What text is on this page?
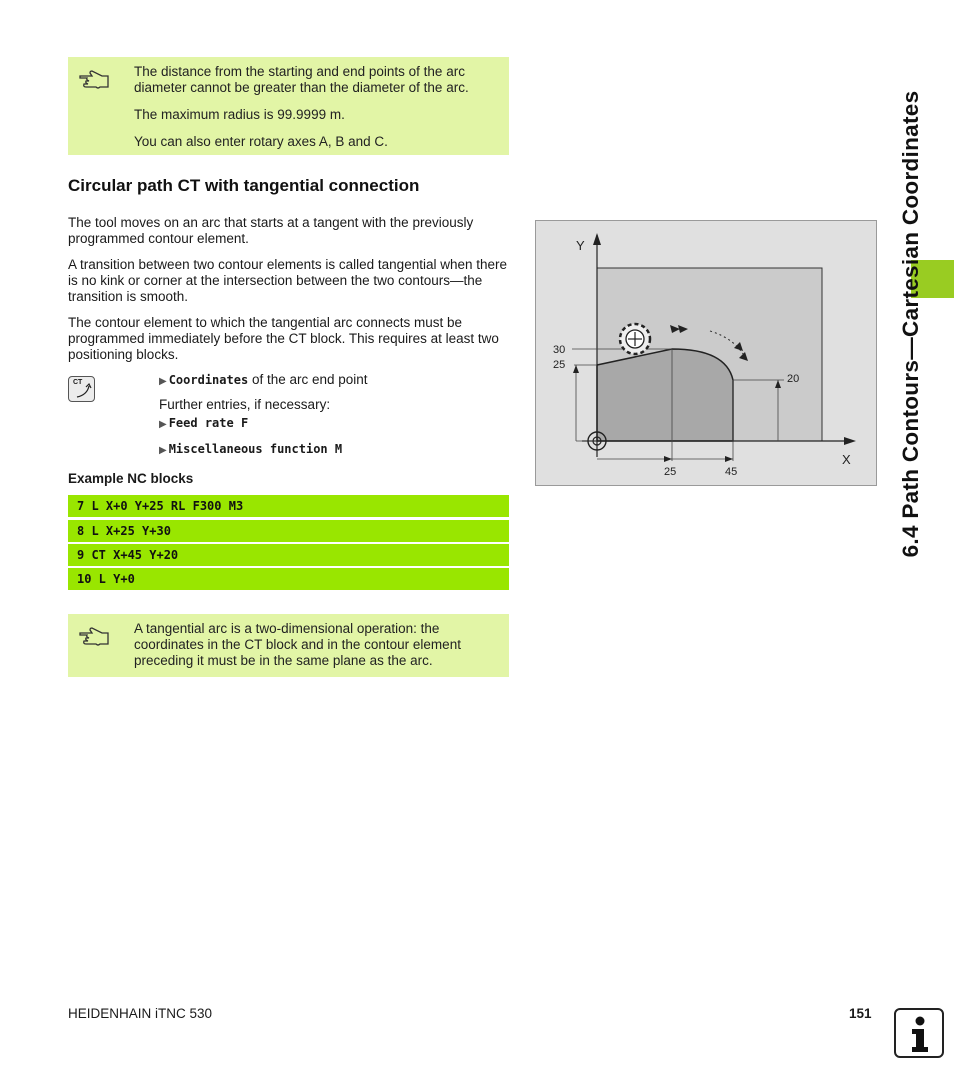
The distance from the starting and end points of the arc diameter cannot be greater than the diameter of the arc.

The maximum radius is 99.9999 m.

You can also enter rotary axes A, B and C.

Circular path CT with tangential connection

The tool moves on an arc that starts at a tangent with the previously programmed contour element.

A transition between two contour elements is called tangential when there is no kink or corner at the intersection between the two contours—the transition is smooth.

The contour element to which the tangential arc connects must be programmed immediately before the CT block. This requires at least two positioning blocks.

CT	▶ Coordinates of the arc end point
Further entries, if necessary:
▶ Feed rate F
▶ Miscellaneous function M
Example NC blocks
7 L X+0 Y+25 RL F300 M3
8 L X+25 Y+30
9 CT X+45 Y+20
10 L Y+0

A tangential arc is a two-dimensional operation: the coordinates in the CT block and in the contour element preceding it must be in the same plane as the arc.

Y
X
30
25
20
25	45	6.4 Path Contours—Cartesian Coordinates
HEIDENHAIN iTNC 530	151
